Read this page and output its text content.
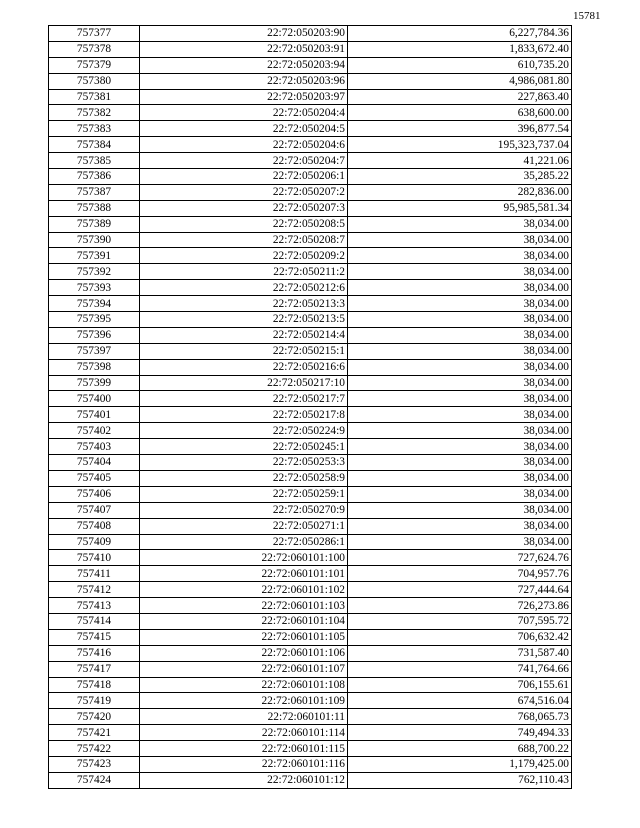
15781
757377	22:72:050203:90	6,227,784.36
757378	22:72:050203:91	1,833,672.40
757379	22:72:050203:94	610,735.20
757380	22:72:050203:96	4,986,081.80
757381	22:72:050203:97	227,863.40
757382	22:72:050204:4	638,600.00
757383	22:72:050204:5	396,877.54
757384	22:72:050204:6	195,323,737.04
757385	22:72:050204:7	41,221.06
757386	22:72:050206:1	35,285.22
757387	22:72:050207:2	282,836.00
757388	22:72:050207:3	95,985,581.34
757389	22:72:050208:5	38,034.00
757390	22:72:050208:7	38,034.00
757391	22:72:050209:2	38,034.00
757392	22:72:050211:2	38,034.00
757393	22:72:050212:6	38,034.00
757394	22:72:050213:3	38,034.00
757395	22:72:050213:5	38,034.00
757396	22:72:050214:4	38,034.00
757397	22:72:050215:1	38,034.00
757398	22:72:050216:6	38,034.00
757399	22:72:050217:10	38,034.00
757400	22:72:050217:7	38,034.00
757401	22:72:050217:8	38,034.00
757402	22:72:050224:9	38,034.00
757403	22:72:050245:1	38,034.00
757404	22:72:050253:3	38,034.00
757405	22:72:050258:9	38,034.00
757406	22:72:050259:1	38,034.00
757407	22:72:050270:9	38,034.00
757408	22:72:050271:1	38,034.00
757409	22:72:050286:1	38,034.00
757410	22:72:060101:100	727,624.76
757411	22:72:060101:101	704,957.76
757412	22:72:060101:102	727,444.64
757413	22:72:060101:103	726,273.86
757414	22:72:060101:104	707,595.72
757415	22:72:060101:105	706,632.42
757416	22:72:060101:106	731,587.40
757417	22:72:060101:107	741,764.66
757418	22:72:060101:108	706,155.61
757419	22:72:060101:109	674,516.04
757420	22:72:060101:11	768,065.73
757421	22:72:060101:114	749,494.33
757422	22:72:060101:115	688,700.22
757423	22:72:060101:116	1,179,425.00
757424	22:72:060101:12	762,110.43
